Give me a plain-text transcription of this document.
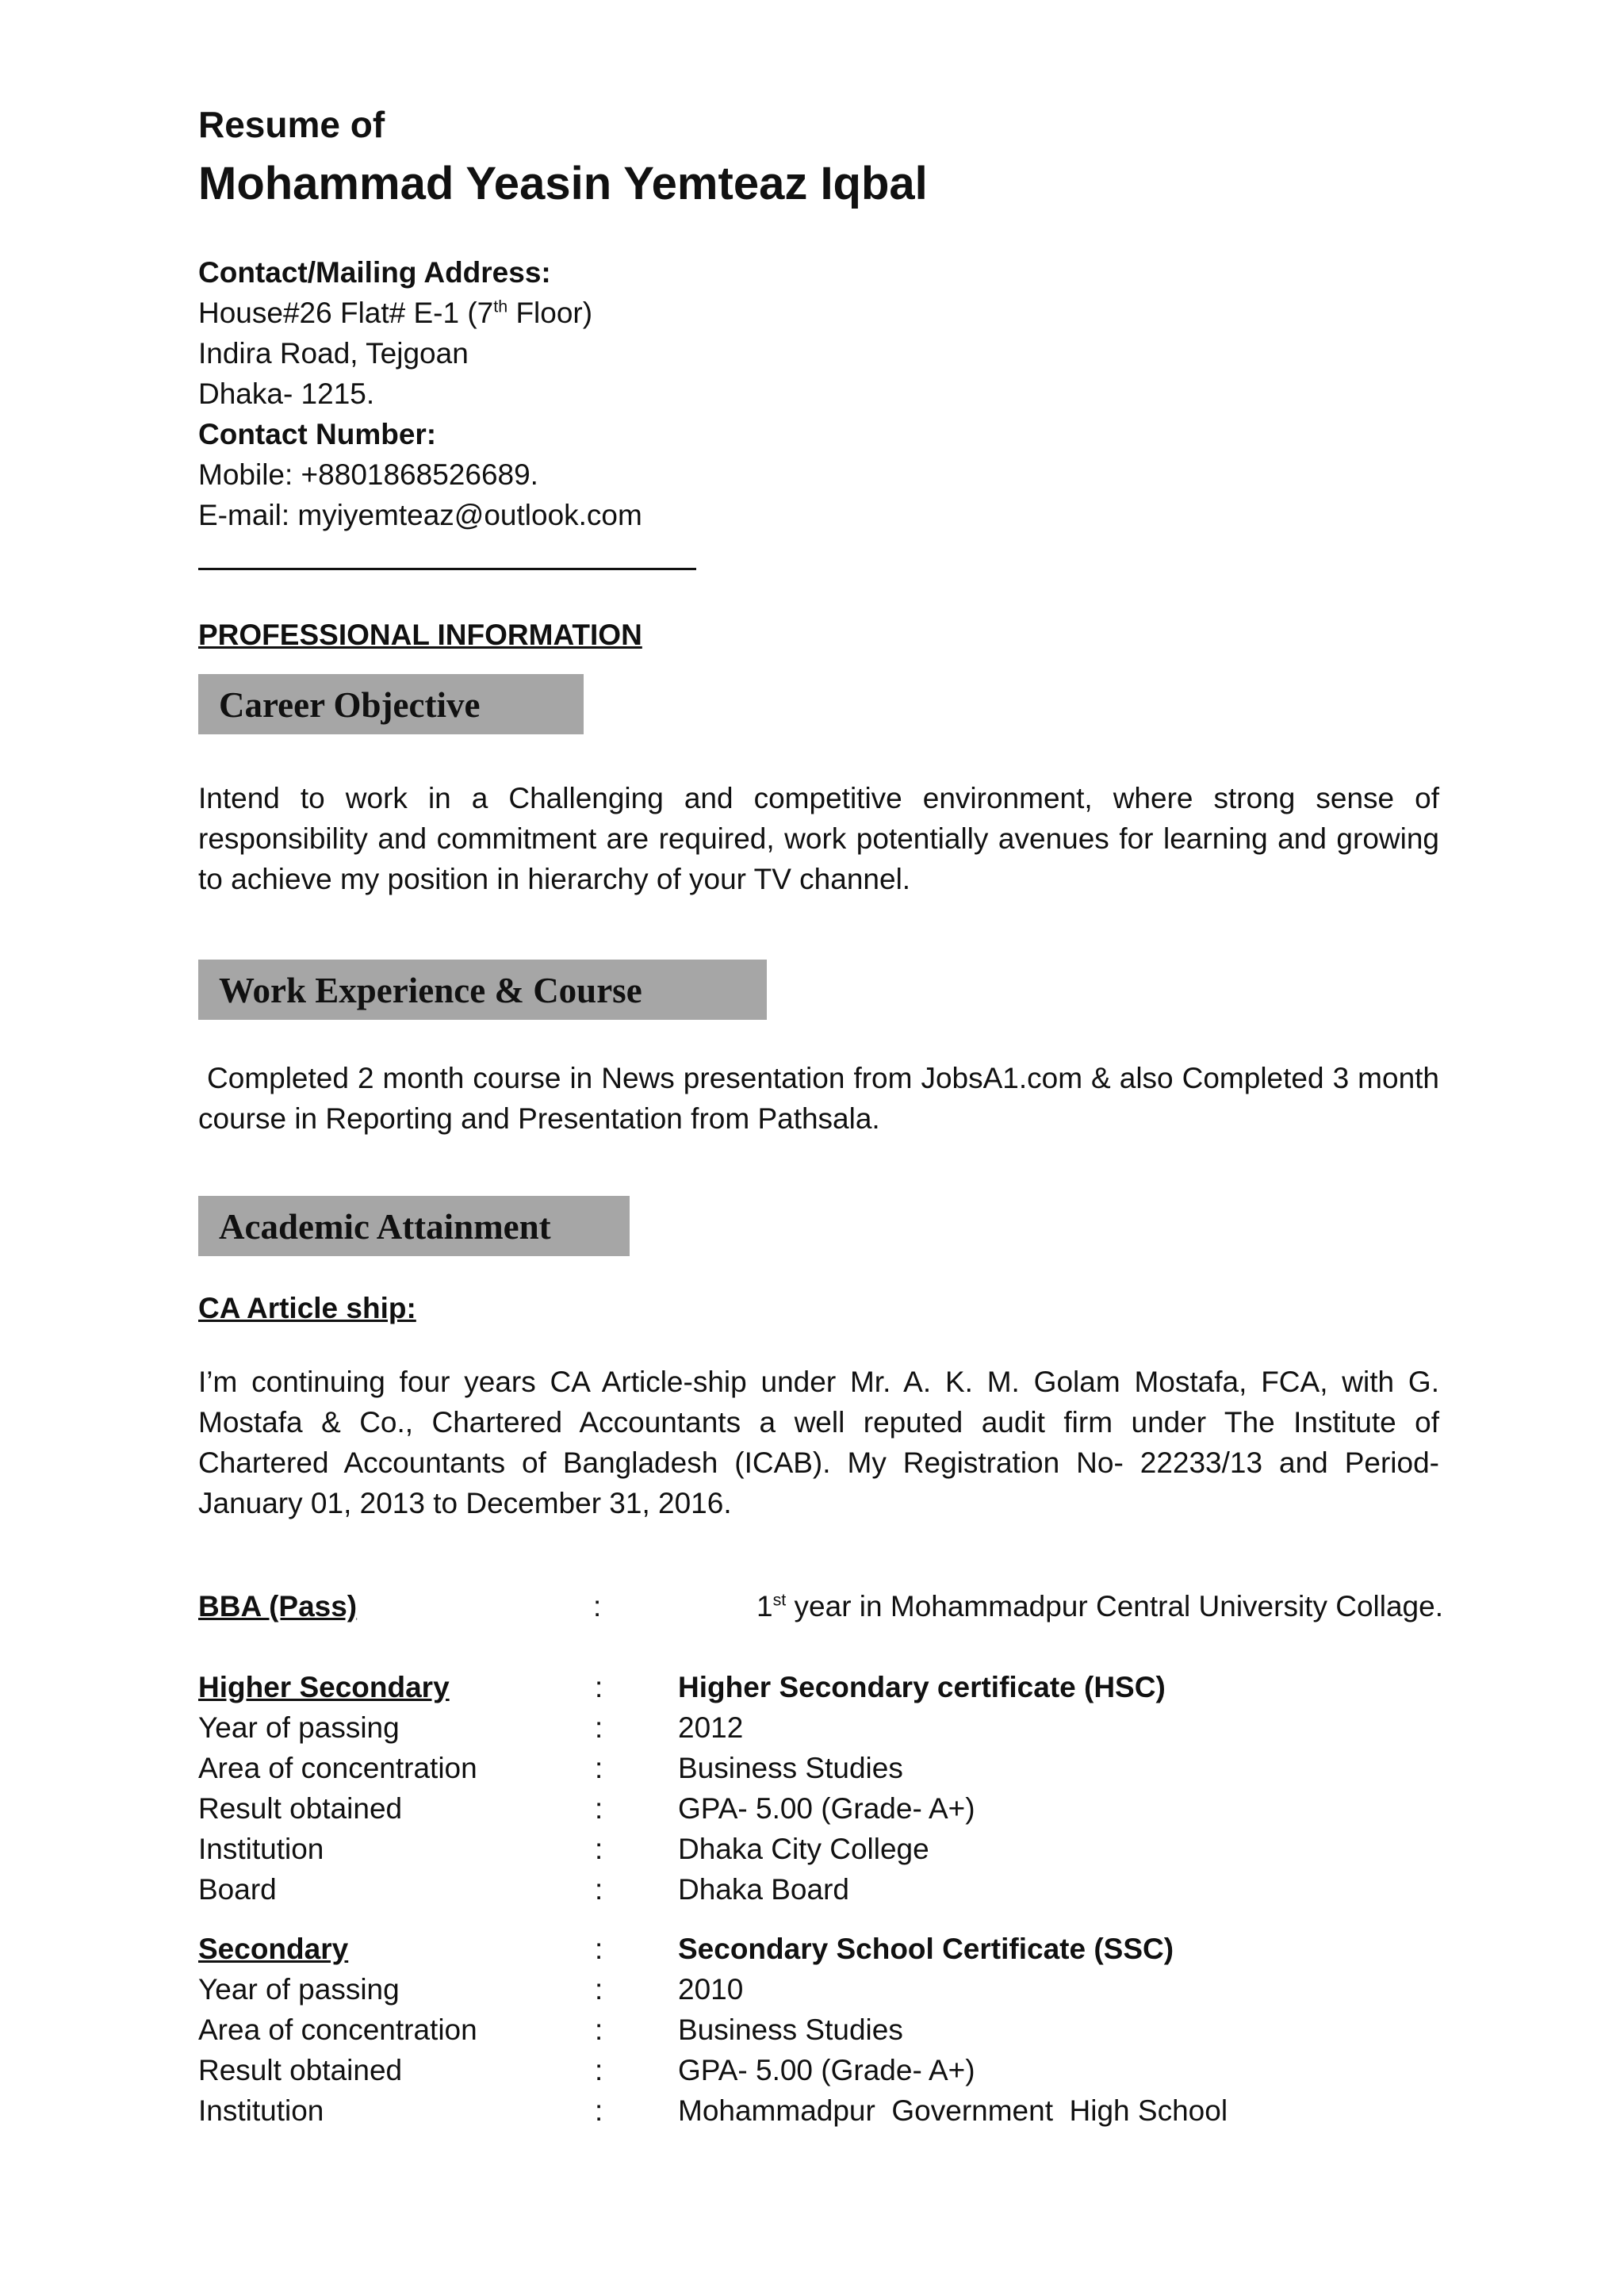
Resume of
Mohammad Yeasin Yemteaz Iqbal
Contact/Mailing Address:
House#26 Flat# E-1 (7th Floor)
Indira Road, Tejgoan
Dhaka- 1215.
Contact Number:
Mobile: +8801868526689.
E-mail: myiyemteaz@outlook.com
PROFESSIONAL INFORMATION
Career Objective
Intend to work in a Challenging and competitive environment, where strong sense of responsibility and commitment are required, work potentially avenues for learning and growing to achieve my position in hierarchy of your TV channel.
Work Experience & Course
Completed 2 month course in News presentation from JobsA1.com & also Completed 3 month course in Reporting and Presentation from Pathsala.
Academic Attainment
CA Article ship:
I’m continuing four years CA Article-ship under Mr. A. K. M. Golam Mostafa, FCA, with G. Mostafa & Co., Chartered Accountants a well reputed audit firm under The Institute of Chartered Accountants of Bangladesh (ICAB). My Registration No- 22233/13 and Period- January 01, 2013 to December 31, 2016.
BBA (Pass)	:	1st year in Mohammadpur Central University Collage.
Higher Secondary	:	Higher Secondary certificate (HSC)
Year of passing	:	2012
Area of concentration	:	Business Studies
Result obtained	:	GPA- 5.00 (Grade- A+)
Institution	:	Dhaka City College
Board	:	Dhaka Board
Secondary	:	Secondary School Certificate (SSC)
Year of passing	:	2010
Area of concentration	:	Business Studies
Result obtained	:	GPA- 5.00 (Grade- A+)
Institution	:	Mohammadpur  Government  High School
